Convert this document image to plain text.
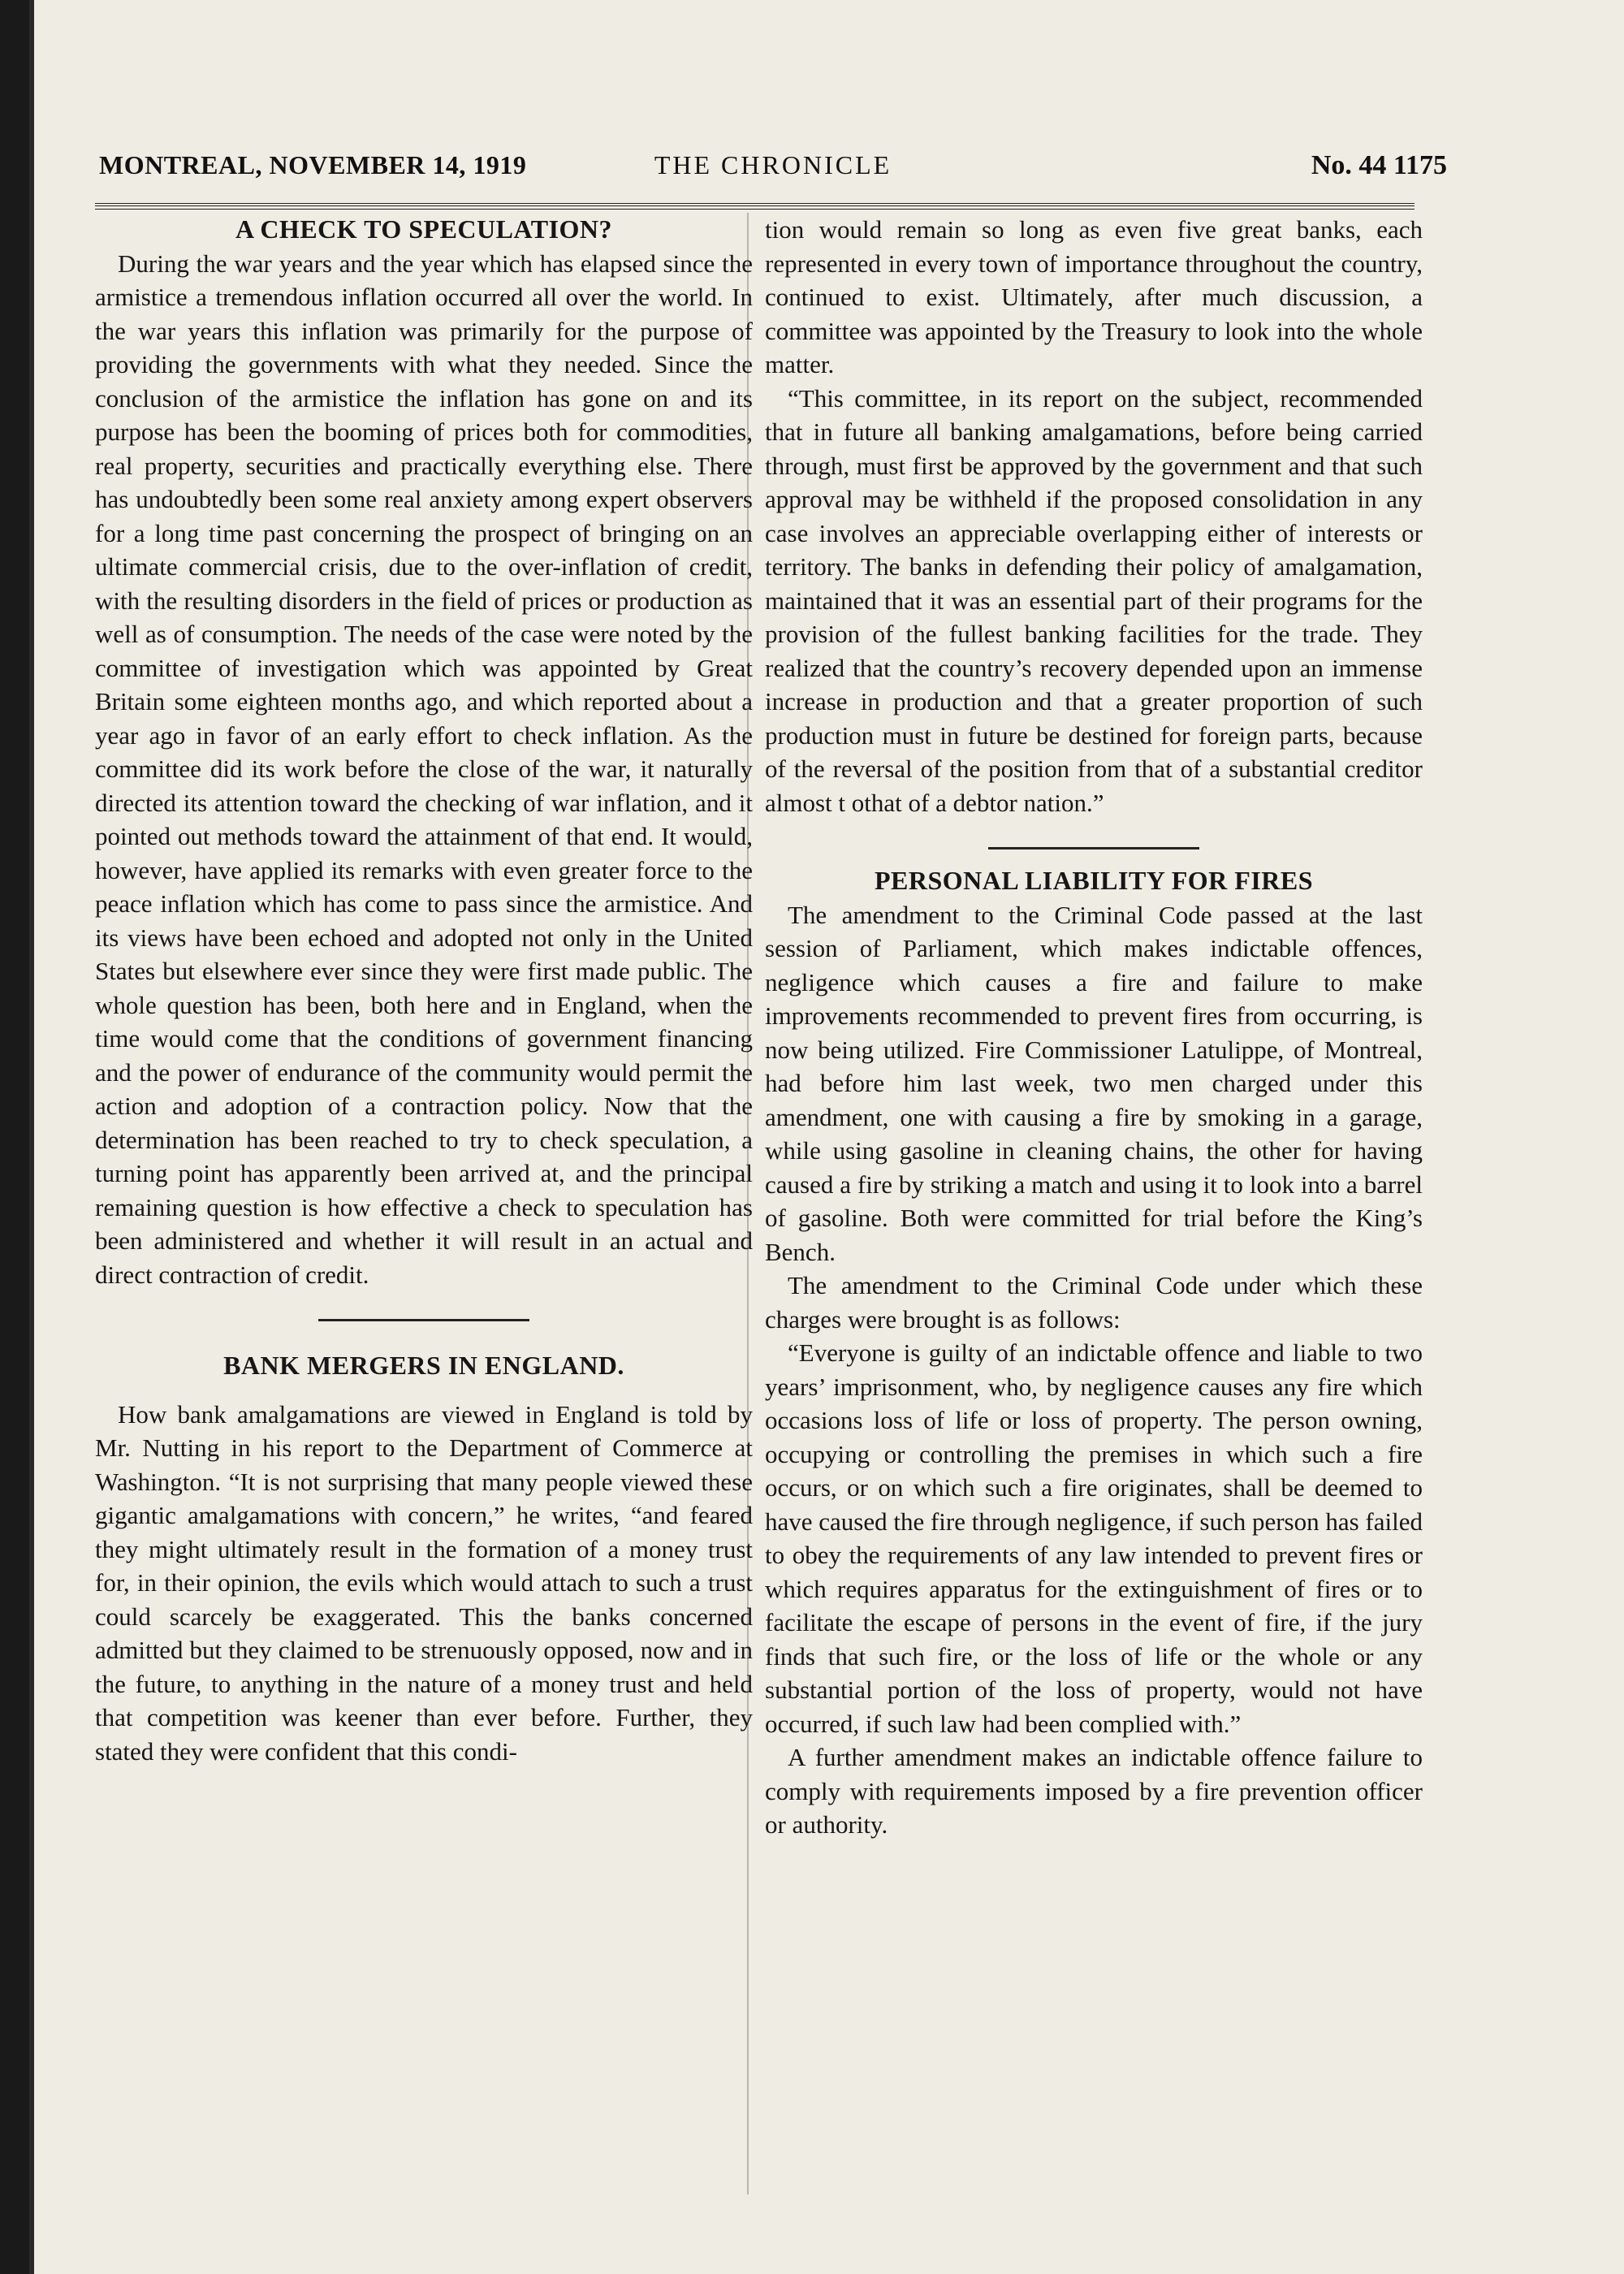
MONTREAL, NOVEMBER 14, 1919	THE CHRONICLE	No. 44 1175
A CHECK TO SPECULATION?

During the war years and the year which has elapsed since the armistice a tremendous inflation occurred all over the world. In the war years this inflation was primarily for the purpose of providing the governments with what they needed. Since the conclusion of the armistice the inflation has gone on and its purpose has been the booming of prices both for commodities, real property, securities and practically everything else. There has undoubtedly been some real anxiety among expert observers for a long time past concerning the prospect of bringing on an ultimate commercial crisis, due to the over-inflation of credit, with the resulting disorders in the field of prices or production as well as of consumption. The needs of the case were noted by the committee of investigation which was appointed by Great Britain some eighteen months ago, and which reported about a year ago in favor of an early effort to check inflation. As the committee did its work before the close of the war, it naturally directed its attention toward the checking of war inflation, and it pointed out methods toward the attainment of that end. It would, however, have applied its remarks with even greater force to the peace inflation which has come to pass since the armistice. And its views have been echoed and adopted not only in the United States but elsewhere ever since they were first made public. The whole question has been, both here and in England, when the time would come that the conditions of government financing and the power of endurance of the community would permit the action and adoption of a contraction policy. Now that the determination has been reached to try to check speculation, a turning point has apparently been arrived at, and the principal remaining question is how effective a check to speculation has been administered and whether it will result in an actual and direct contraction of credit.

BANK MERGERS IN ENGLAND.

How bank amalgamations are viewed in England is told by Mr. Nutting in his report to the Department of Commerce at Washington. “It is not surprising that many people viewed these gigantic amalgamations with concern,” he writes, “and feared they might ultimately result in the formation of a money trust for, in their opinion, the evils which would attach to such a trust could scarcely be exaggerated. This the banks concerned admitted but they claimed to be strenuously opposed, now and in the future, to anything in the nature of a money trust and held that competition was keener than ever before. Further, they stated they were confident that this condi-

tion would remain so long as even five great banks, each represented in every town of importance throughout the country, continued to exist. Ultimately, after much discussion, a committee was appointed by the Treasury to look into the whole matter.

“This committee, in its report on the subject, recommended that in future all banking amalgamations, before being carried through, must first be approved by the government and that such approval may be withheld if the proposed consolidation in any case involves an appreciable overlapping either of interests or territory. The banks in defending their policy of amalgamation, maintained that it was an essential part of their programs for the provision of the fullest banking facilities for the trade. They realized that the country’s recovery depended upon an immense increase in production and that a greater proportion of such production must in future be destined for foreign parts, because of the reversal of the position from that of a substantial creditor almost t othat of a debtor nation.”

PERSONAL LIABILITY FOR FIRES

The amendment to the Criminal Code passed at the last session of Parliament, which makes indictable offences, negligence which causes a fire and failure to make improvements recommended to prevent fires from occurring, is now being utilized. Fire Commissioner Latulippe, of Montreal, had before him last week, two men charged under this amendment, one with causing a fire by smoking in a garage, while using gasoline in cleaning chains, the other for having caused a fire by striking a match and using it to look into a barrel of gasoline. Both were committed for trial before the King’s Bench.

The amendment to the Criminal Code under which these charges were brought is as follows:

“Everyone is guilty of an indictable offence and liable to two years’ imprisonment, who, by negligence causes any fire which occasions loss of life or loss of property. The person owning, occupying or controlling the premises in which such a fire occurs, or on which such a fire originates, shall be deemed to have caused the fire through negligence, if such person has failed to obey the requirements of any law intended to prevent fires or which requires apparatus for the extinguishment of fires or to facilitate the escape of persons in the event of fire, if the jury finds that such fire, or the loss of life or the whole or any substantial portion of the loss of property, would not have occurred, if such law had been complied with.”

A further amendment makes an indictable offence failure to comply with requirements imposed by a fire prevention officer or authority.
